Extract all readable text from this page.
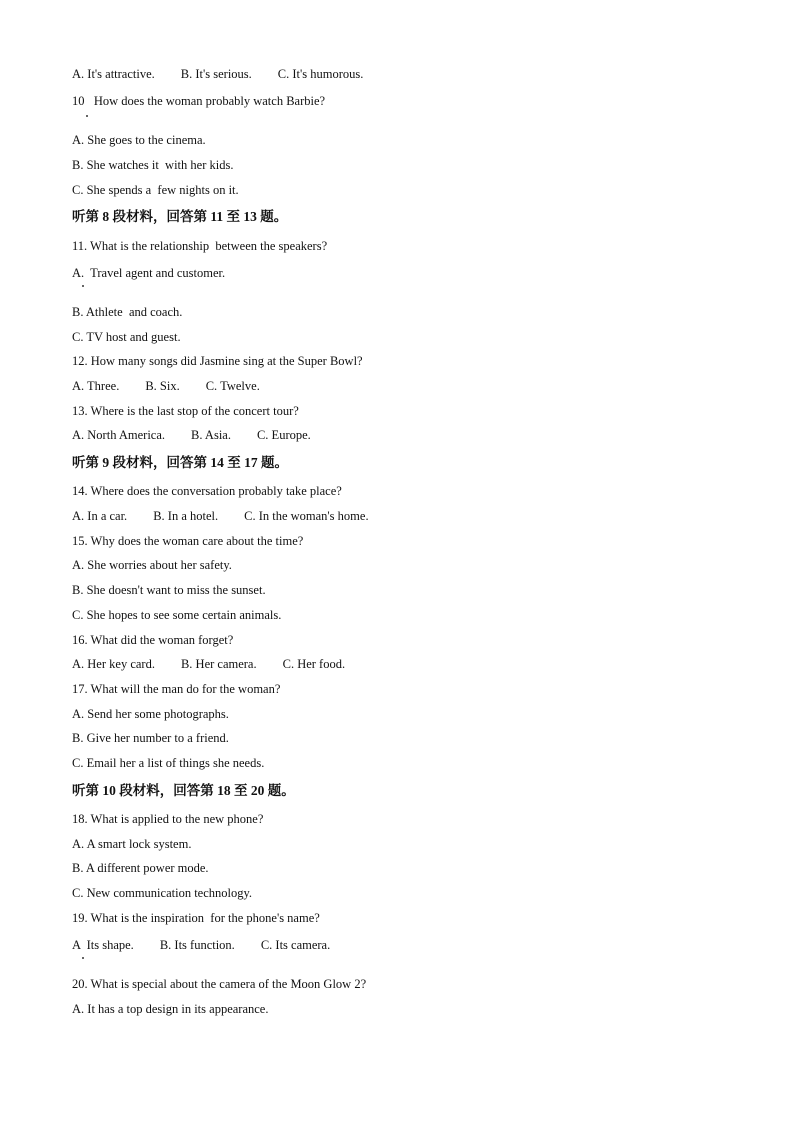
A. It's attractive. B. It's serious. C. It's humorous.
10   How does the woman probably watch Barbie?
A. She goes to the cinema.
B. She watches it  with her kids.
C. She spends a  few nights on it.
听第 8 段材料，回答第 11 至 13 题。
11. What is the relationship  between the speakers?
A.  Travel agent and customer.
B. Athlete  and coach.
C. TV host and guest.
12. How many songs did Jasmine sing at the Super Bowl?
A. Three. B. Six. C. Twelve.
13. Where is the last stop of the concert tour?
A. North America. B. Asia. C. Europe.
听第 9 段材料，回答第 14 至 17 题。
14. Where does the conversation probably take place?
A. In a car. B. In a hotel. C. In the woman's home.
15. Why does the woman care about the time?
A. She worries about her safety.
B. She doesn't want to miss the sunset.
C. She hopes to see some certain animals.
16. What did the woman forget?
A. Her key card. B. Her camera. C. Her food.
17. What will the man do for the woman?
A. Send her some photographs.
B. Give her number to a friend.
C. Email her a list of things she needs.
听第 10 段材料，回答第 18 至 20 题。
18. What is applied to the new phone?
A. A smart lock system.
B. A different power mode.
C. New communication technology.
19. What is the inspiration  for the phone's name?
A  Its shape. B. Its function. C. Its camera.
20. What is special about the camera of the Moon Glow 2?
A. It has a top design in its appearance.
